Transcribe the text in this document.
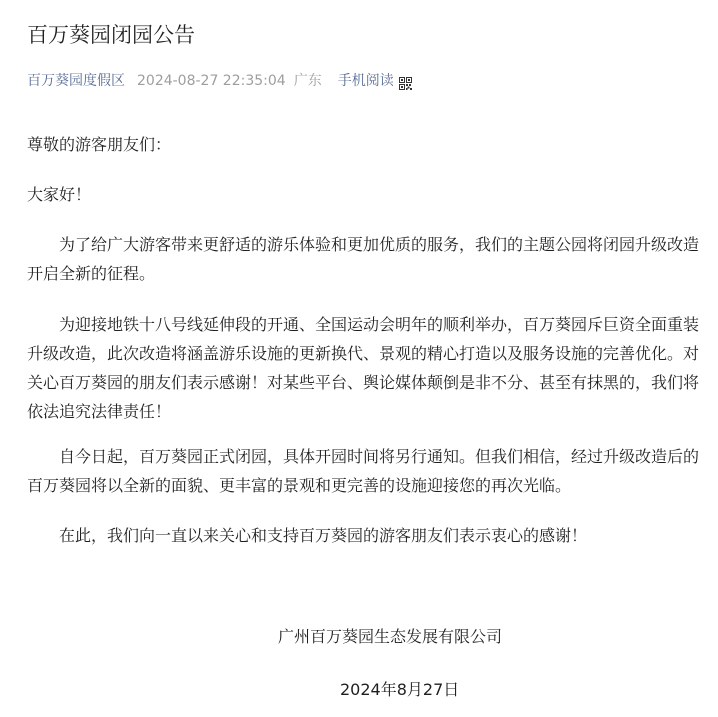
百万葵园闭园公告
百万葵园度假区 2024-08-27 22:35:04 广东 手机阅读

尊敬的游客朋友们：

大家好！

为了给广大游客带来更舒适的游乐体验和更加优质的服务，我们的主题公园将闭园升级改造开启全新的征程。

为迎接地铁十八号线延伸段的开通、全国运动会明年的顺利举办，百万葵园斥巨资全面重装升级改造，此次改造将涵盖游乐设施的更新换代、景观的精心打造以及服务设施的完善优化。对关心百万葵园的朋友们表示感谢！对某些平台、舆论媒体颠倒是非不分、甚至有抹黑的，我们将依法追究法律责任！

自今日起，百万葵园正式闭园，具体开园时间将另行通知。但我们相信，经过升级改造后的百万葵园将以全新的面貌、更丰富的景观和更完善的设施迎接您的再次光临。

在此，我们向一直以来关心和支持百万葵园的游客朋友们表示衷心的感谢！

广州百万葵园生态发展有限公司
2024年8月27日
